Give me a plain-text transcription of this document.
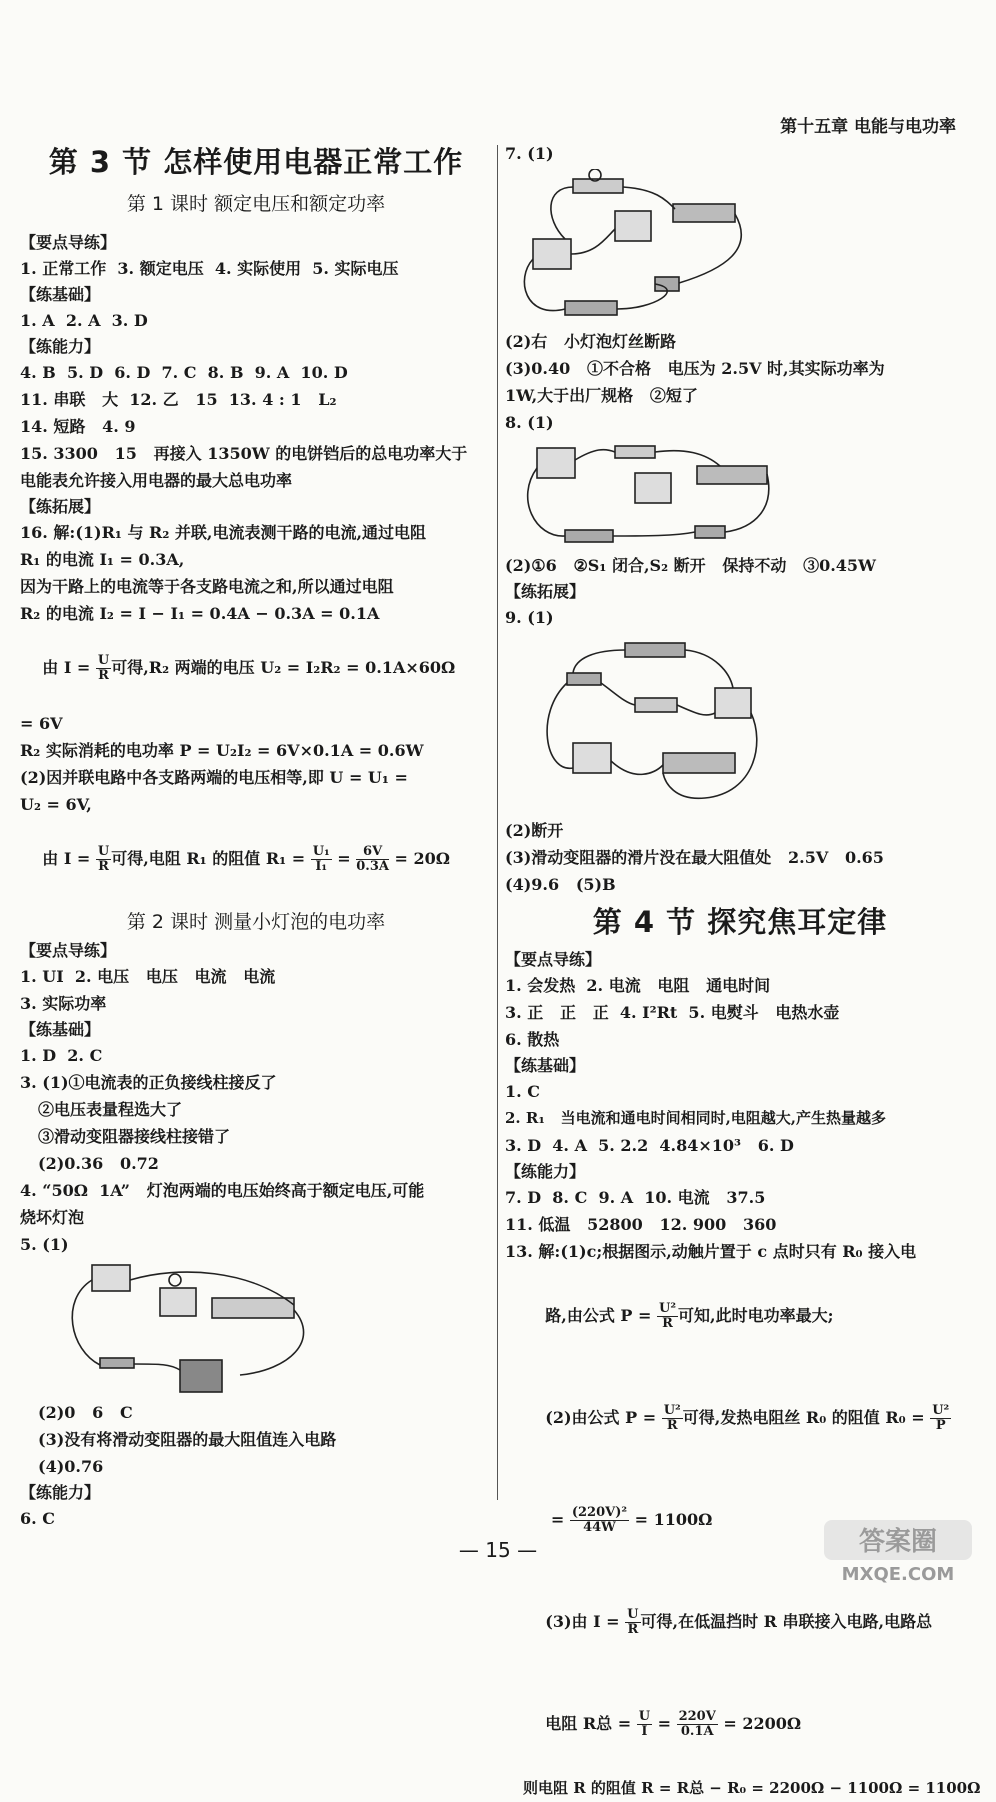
第十五章 电能与电功率
第 3 节 怎样使用电器正常工作
第 1 课时 额定电压和额定功率
【要点导练】
1. 正常工作  3. 额定电压  4. 实际使用  5. 实际电压
【练基础】
1. A  2. A  3. D
【练能力】
4. B  5. D  6. D  7. C  8. B  9. A  10. D
11. 串联   大  12. 乙   15  13. 4 : 1   L₂
14. 短路   4. 9
15. 3300   15   再接入 1350W 的电饼铛后的总电功率大于
电能表允许接入用电器的最大总电功率
【练拓展】
16. 解:(1)R₁ 与 R₂ 并联,电流表测干路的电流,通过电阻
R₁ 的电流 I₁ = 0.3A,
因为干路上的电流等于各支路电流之和,所以通过电阻
R₂ 的电流 I₂ = I − I₁ = 0.4A − 0.3A = 0.1A

由 $I = \frac{U}{R}$ 可得,R₂ 两端的电压 U₂ = I₂R₂ = 0.1A×60Ω

= 6V
R₂ 实际消耗的电功率 P = U₂I₂ = 6V×0.1A = 0.6W
(2)因并联电路中各支路两端的电压相等,即 U = U₁ =
U₂ = 6V,

由 $I = \frac{U}{R}$ 可得,电阻 R₁ 的阻值 $R_1 = \frac{\text{U₁}}{\text{I₁}} = \frac{6V}{0.3A} = 20\Omega$

第 2 课时 测量小灯泡的电功率
【要点导练】
1. UI  2. 电压   电压   电流   电流
3. 实际功率
【练基础】
1. D  2. C
3. (1)①电流表的正负接线柱接反了
②电压表量程选大了
③滑动变阻器接线柱接错了
(2)0.36   0.72
4. “50Ω  1A”   灯泡两端的电压始终高于额定电压,可能
烧坏灯泡
5. (1)
(2)0   6   C
(3)没有将滑动变阻器的最大阻值连入电路
(4)0.76
【练能力】
6. C
7. (1)
(2)右   小灯泡灯丝断路
(3)0.40   ①不合格   电压为 2.5V 时,其实际功率为
1W,大于出厂规格   ②短了
8. (1)
(2)①6   ②S₁ 闭合,S₂ 断开   保持不动   ③0.45W
【练拓展】
9. (1)
(2)断开
(3)滑动变阻器的滑片没在最大阻值处   2.5V   0.65
(4)9.6   (5)B
第 4 节 探究焦耳定律
【要点导练】
1. 会发热  2. 电流   电阻   通电时间
3. 正   正   正  4. I²Rt  5. 电熨斗   电热水壶
6. 散热
【练基础】
1. C
2. R₁   当电流和通电时间相同时,电阻越大,产生热量越多
3. D  4. A  5. 2.2  4.84×10³   6. D
【练能力】
7. D  8. C  9. A  10. 电流   37.5
11. 低温   52800   12. 900   360
13. 解:(1)c;根据图示,动触片置于 c 点时只有 R₀ 接入电

路,由公式 $P = \frac{\text{U²}}{R}$ 可知,此时电功率最大;

(2)由公式 $P = \frac{\text{U²}}{R}$ 可得,发热电阻丝 R₀ 的阻值 $R_0 = \frac{\text{U²}}{P}$

= $\frac{\text{(220V)²}}{44W} = 1100\Omega$

(3)由 $I = \frac{U}{R}$ 可得,在低温挡时 R 串联接入电路,电路总

电阻 R总 = $\frac{U}{I} = \frac{220V}{0.1A} = 2200\Omega$

则电阻 R 的阻值 R = R总 − R₀ = 2200Ω − 1100Ω = 1100Ω
— 15 —	答案圈
MXQE.COM
